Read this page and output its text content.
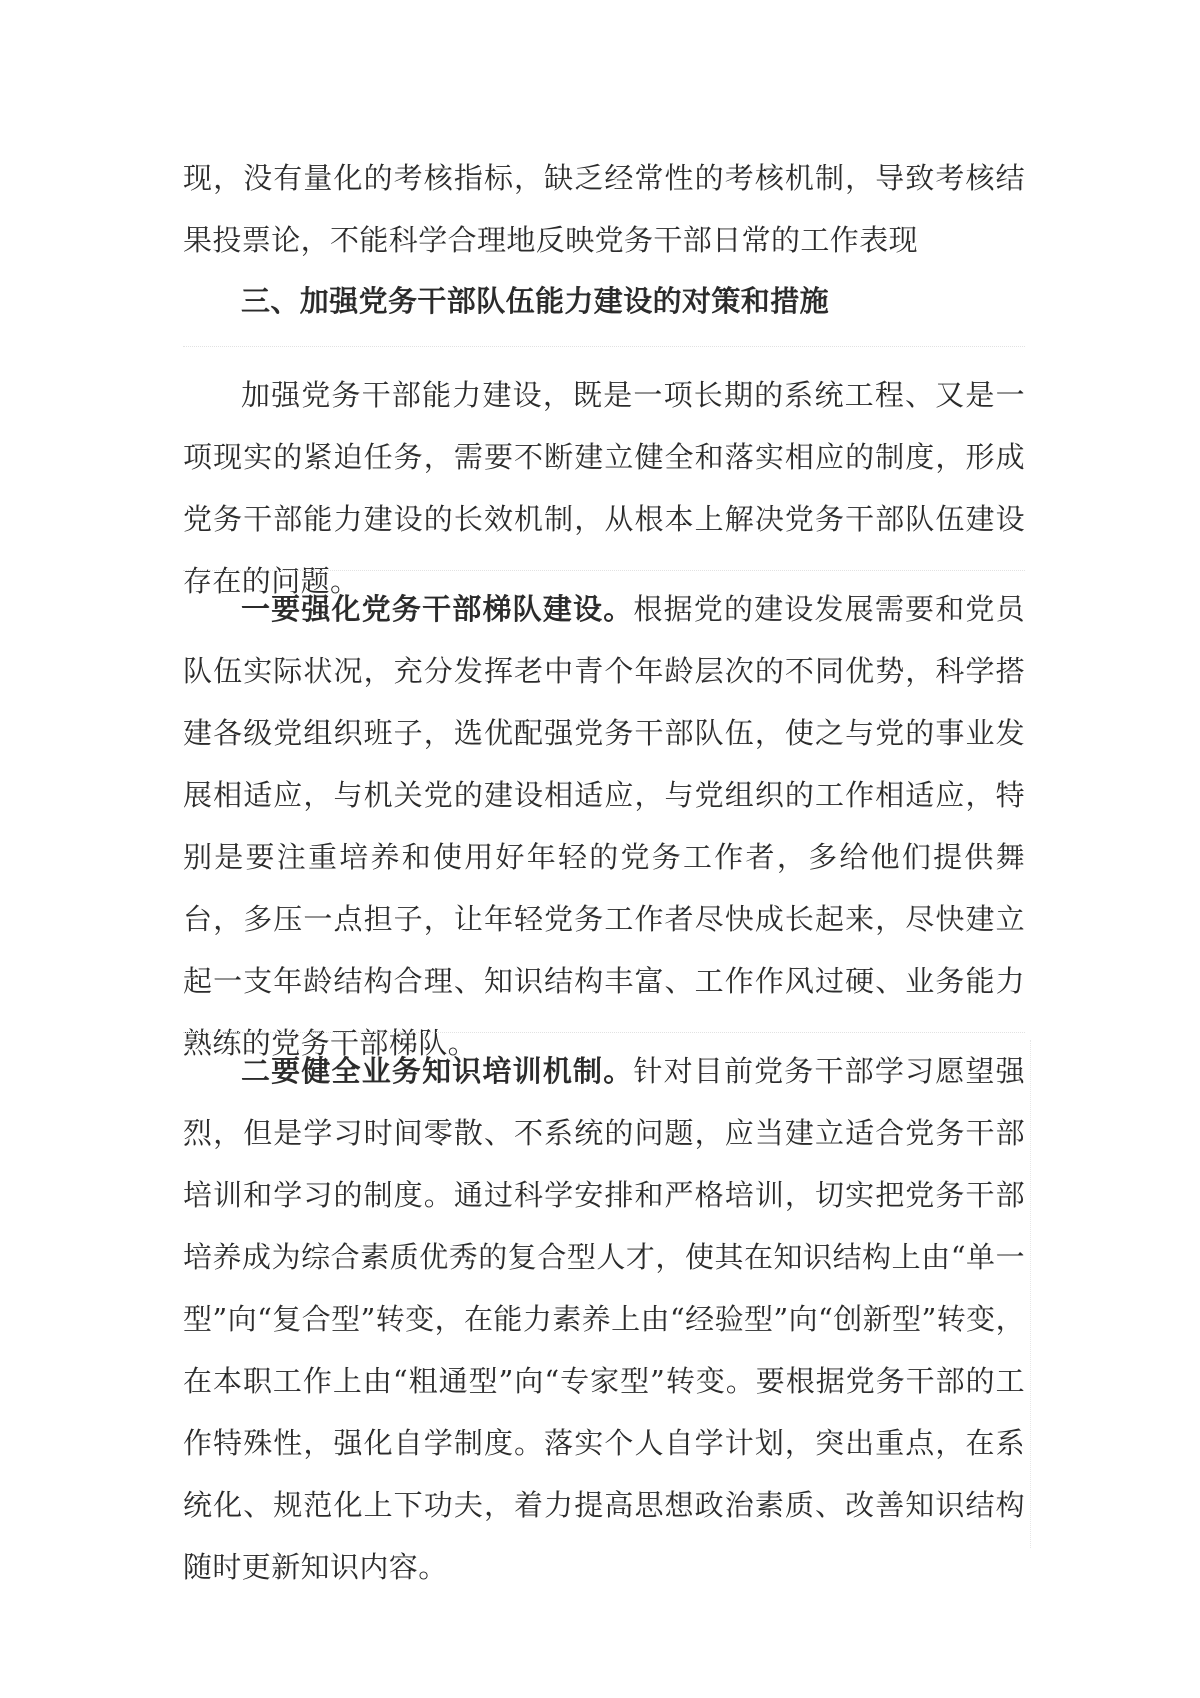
现，没有量化的考核指标，缺乏经常性的考核机制，导致考核结果投票论，不能科学合理地反映党务干部日常的工作表现

三、加强党务干部队伍能力建设的对策和措施

加强党务干部能力建设，既是一项长期的系统工程、又是一项现实的紧迫任务，需要不断建立健全和落实相应的制度，形成党务干部能力建设的长效机制，从根本上解决党务干部队伍建设存在的问题。

一要强化党务干部梯队建设。根据党的建设发展需要和党员队伍实际状况，充分发挥老中青个年龄层次的不同优势，科学搭建各级党组织班子，选优配强党务干部队伍，使之与党的事业发展相适应，与机关党的建设相适应，与党组织的工作相适应，特别是要注重培养和使用好年轻的党务工作者，多给他们提供舞台，多压一点担子，让年轻党务工作者尽快成长起来，尽快建立起一支年龄结构合理、知识结构丰富、工作作风过硬、业务能力熟练的党务干部梯队。

二要健全业务知识培训机制。针对目前党务干部学习愿望强烈，但是学习时间零散、不系统的问题，应当建立适合党务干部培训和学习的制度。通过科学安排和严格培训，切实把党务干部培养成为综合素质优秀的复合型人才，使其在知识结构上由“单一型”向“复合型”转变，在能力素养上由“经验型”向“创新型”转变，在本职工作上由“粗通型”向“专家型”转变。要根据党务干部的工作特殊性，强化自学制度。落实个人自学计划，突出重点，在系统化、规范化上下功夫，着力提高思想政治素质、改善知识结构随时更新知识内容。
